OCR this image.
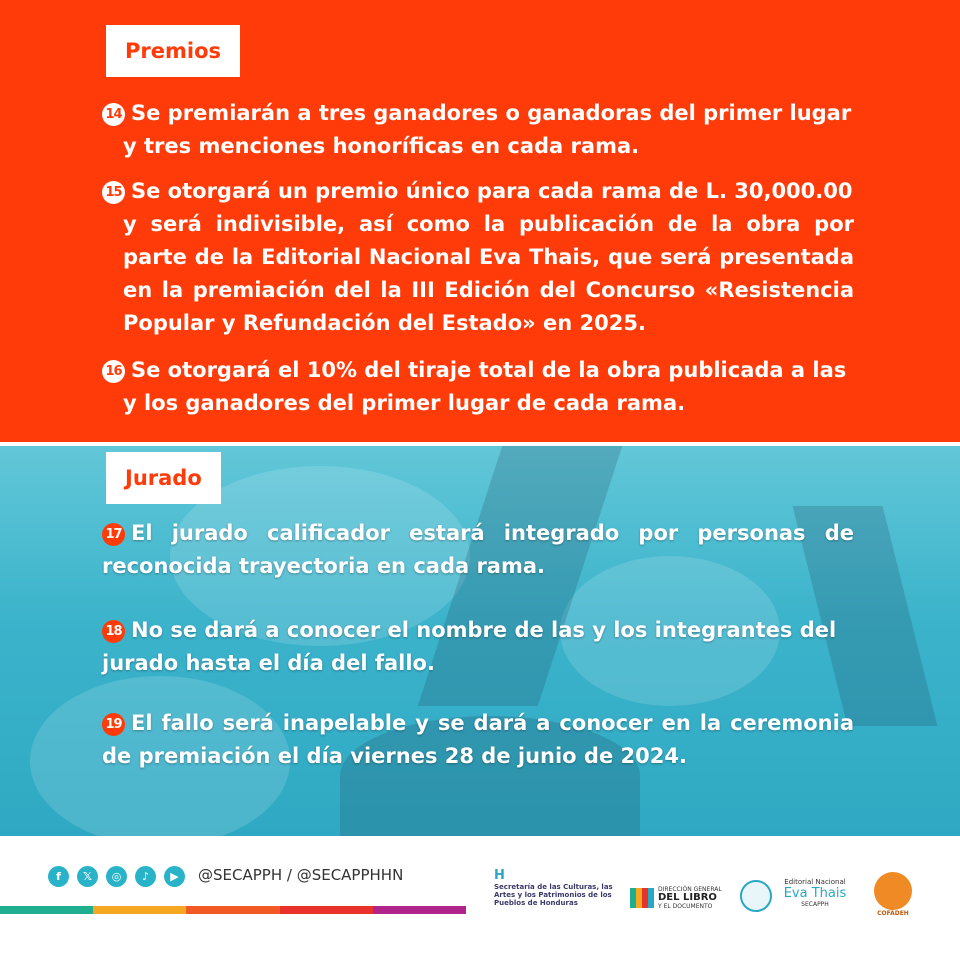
Premios
14 Se premiarán a tres ganadores o ganadoras del primer lugar
y tres menciones honoríficas en cada rama.
15 Se otorgará un premio único para cada rama de L. 30,000.00
y será indivisible, así como la publicación de la obra por parte de la Editorial Nacional Eva Thais, que será presentada en la premiación del la III Edición del Concurso «Resistencia Popular y Refundación del Estado» en 2025.
16 Se otorgará el 10% del tiraje total de la obra publicada a las
y los ganadores del primer lugar de cada rama.
Jurado
17 El jurado calificador estará integrado por personas de reconocida trayectoria en cada rama.
18 No se dará a conocer el nombre de las y los integrantes del jurado hasta el día del fallo.
19 El fallo será inapelable y se dará a conocer en la ceremonia de premiación el día viernes 28 de junio de 2024.
f	𝕏	◎	♪	▶	@SECAPPH / @SECAPPHHN	H
Secretaría de las Culturas, las Artes y los Patrimonios de los Pueblos de Honduras
DIRECCIÓN GENERAL
DEL LIBRO
Y EL DOCUMENTO
Editorial Nacional
Eva Thais
SECAPPH
COFADEH
